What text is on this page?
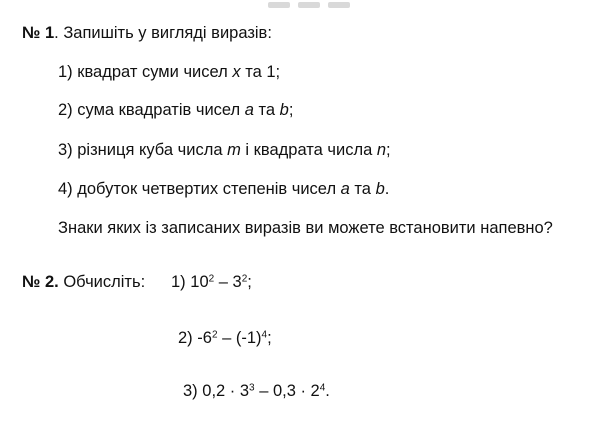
№ 1. Запишіть у вигляді виразів:
1) квадрат суми чисел x та 1;
2) сума квадратів чисел a та b;
3) різниця куба числа m і квадрата числа n;
4) добуток четвертих степенів чисел a та b.
Знаки яких із записаних виразів ви можете встановити напевно?
№ 2. Обчисліть: 1) $10^2 - 3^2$;
2) $-6^2 - (-1)^4$;
3) $0,2 \cdot 3^3 - 0,3 \cdot 2^4$.
